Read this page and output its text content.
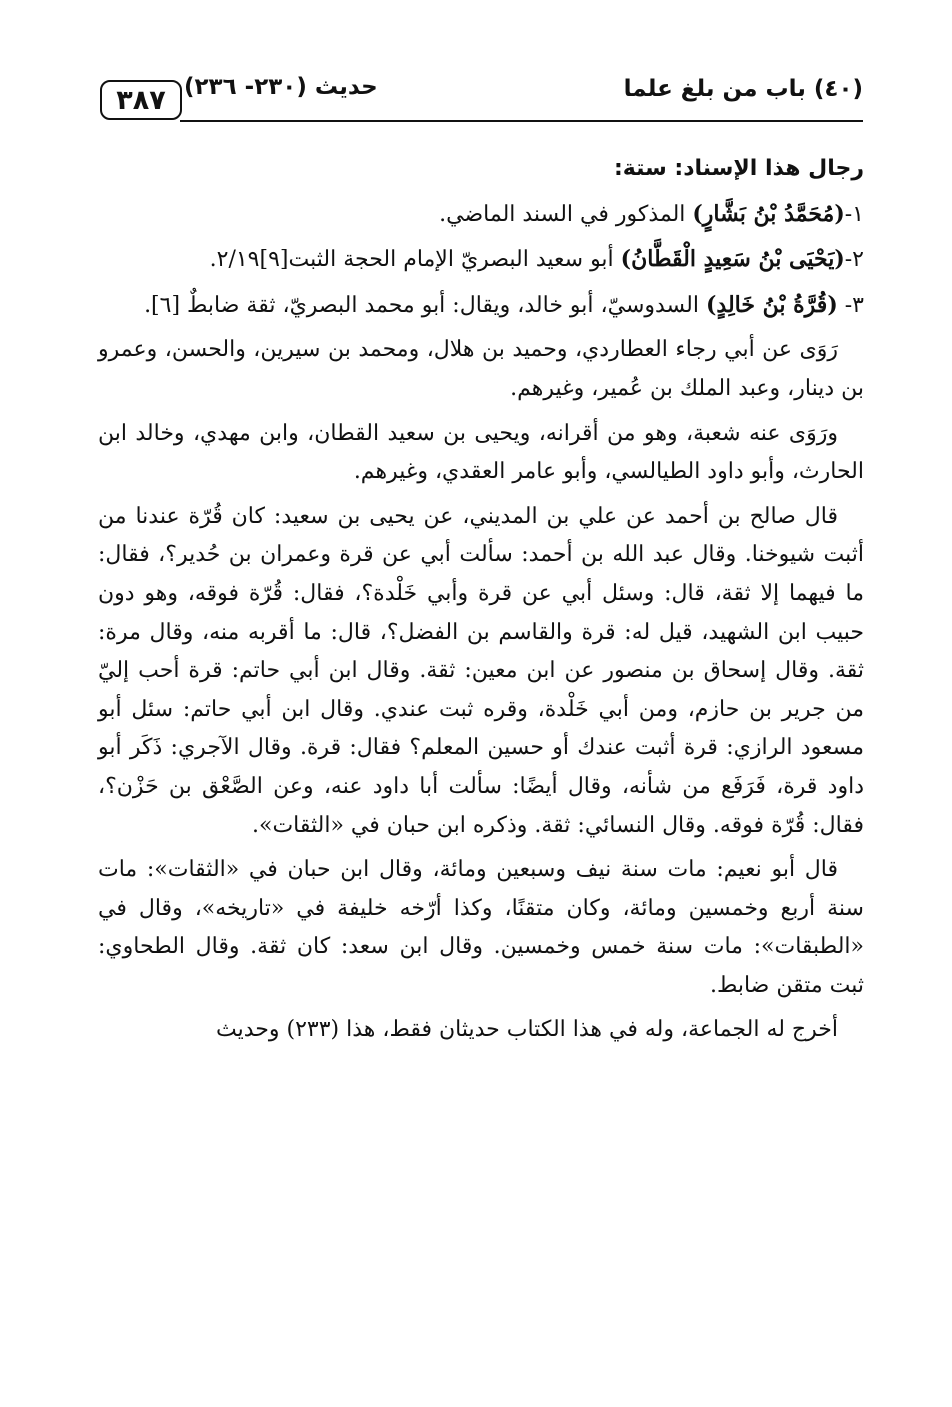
٣٨٧ حديث (٢٣٠- ٢٣٦)	(٤٠) باب من بلغ علما

رجال هذا الإسناد: ستة:

١-(مُحَمَّدُ بْنُ بَشَّارٍ) المذكور في السند الماضي.

٢-(يَحْيَى بْنُ سَعِيدٍ الْقَطَّانُ) أبو سعيد البصريّ الإمام الحجة الثبت[٩]٢/١٩.

٣- (قُرَّةُ بْنُ خَالِدٍ) السدوسيّ، أبو خالد، ويقال: أبو محمد البصريّ، ثقة ضابطٌ [٦].

رَوَى عن أبي رجاء العطاردي، وحميد بن هلال، ومحمد بن سيرين، والحسن، وعمرو بن دينار، وعبد الملك بن عُمير، وغيرهم.

ورَوَى عنه شعبة، وهو من أقرانه، ويحيى بن سعيد القطان، وابن مهدي، وخالد ابن الحارث، وأبو داود الطيالسي، وأبو عامر العقدي، وغيرهم.

قال صالح بن أحمد عن علي بن المديني، عن يحيى بن سعيد: كان قُرّة عندنا من أثبت شيوخنا. وقال عبد الله بن أحمد: سألت أبي عن قرة وعمران بن حُدير؟، فقال: ما فيهما إلا ثقة، قال: وسئل أبي عن قرة وأبي خَلْدة؟، فقال: قُرّة فوقه، وهو دون حبيب ابن الشهيد، قيل له: قرة والقاسم بن الفضل؟، قال: ما أقربه منه، وقال مرة: ثقة. وقال إسحاق بن منصور عن ابن معين: ثقة. وقال ابن أبي حاتم: قرة أحب إليّ من جرير بن حازم، ومن أبي خَلْدة، وقره ثبت عندي. وقال ابن أبي حاتم: سئل أبو مسعود الرازي: قرة أثبت عندك أو حسين المعلم؟ فقال: قرة. وقال الآجري: ذَكَر أبو داود قرة، فَرَفَع من شأنه، وقال أيضًا: سألت أبا داود عنه، وعن الصَّعْق بن حَزْن؟، فقال: قُرّة فوقه. وقال النسائي: ثقة. وذكره ابن حبان في «الثقات».

قال أبو نعيم: مات سنة نيف وسبعين ومائة، وقال ابن حبان في «الثقات»: مات سنة أربع وخمسين ومائة، وكان متقنًا، وكذا أرّخه خليفة في «تاريخه»، وقال في «الطبقات»: مات سنة خمس وخمسين. وقال ابن سعد: كان ثقة. وقال الطحاوي: ثبت متقن ضابط.

أخرج له الجماعة، وله في هذا الكتاب حديثان فقط، هذا (٢٣٣) وحديث
